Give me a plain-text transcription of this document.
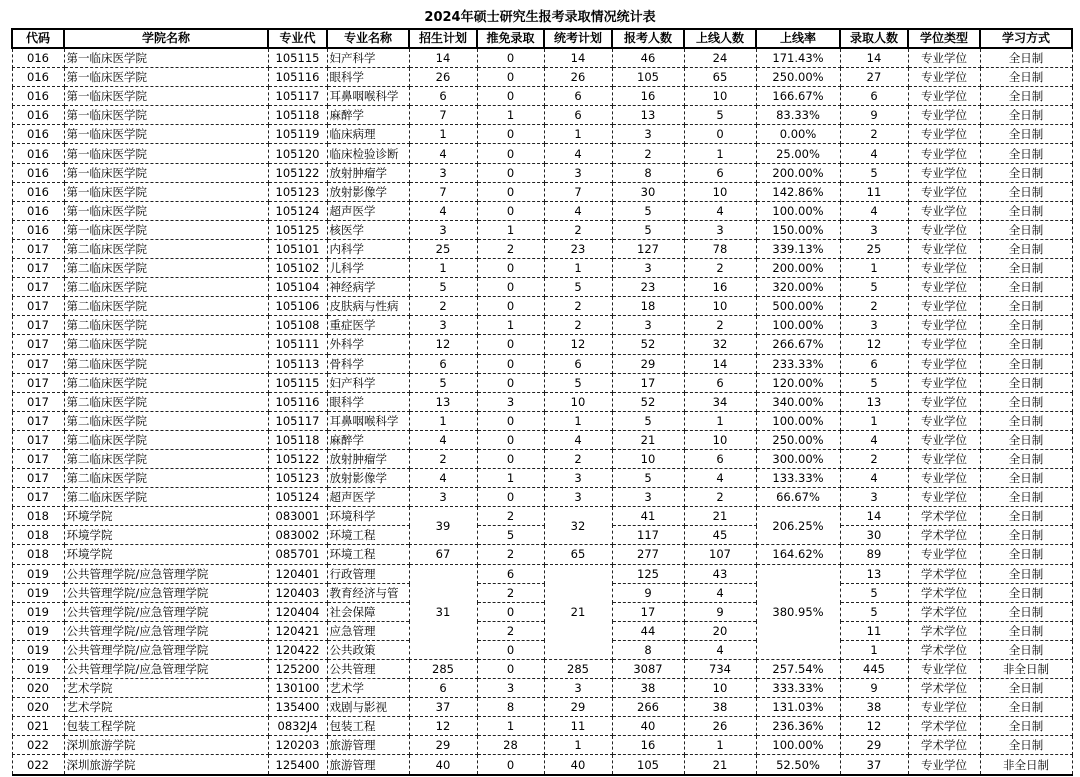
2024年硕士研究生报考录取情况统计表
代码	学院名称	专业代	专业名称	招生计划	推免录取	统考计划	报考人数	上线人数	上线率	录取人数	学位类型	学习方式
016	第一临床医学院	105115	妇产科学	14	0	14	46	24	171.43%	14	专业学位	全日制
016	第一临床医学院	105116	眼科学	26	0	26	105	65	250.00%	27	专业学位	全日制
016	第一临床医学院	105117	耳鼻咽喉科学	6	0	6	16	10	166.67%	6	专业学位	全日制
016	第一临床医学院	105118	麻醉学	7	1	6	13	5	83.33%	9	专业学位	全日制
016	第一临床医学院	105119	临床病理	1	0	1	3	0	0.00%	2	专业学位	全日制
016	第一临床医学院	105120	临床检验诊断	4	0	4	2	1	25.00%	4	专业学位	全日制
016	第一临床医学院	105122	放射肿瘤学	3	0	3	8	6	200.00%	5	专业学位	全日制
016	第一临床医学院	105123	放射影像学	7	0	7	30	10	142.86%	11	专业学位	全日制
016	第一临床医学院	105124	超声医学	4	0	4	5	4	100.00%	4	专业学位	全日制
016	第一临床医学院	105125	核医学	3	1	2	5	3	150.00%	3	专业学位	全日制
017	第二临床医学院	105101	内科学	25	2	23	127	78	339.13%	25	专业学位	全日制
017	第二临床医学院	105102	儿科学	1	0	1	3	2	200.00%	1	专业学位	全日制
017	第二临床医学院	105104	神经病学	5	0	5	23	16	320.00%	5	专业学位	全日制
017	第二临床医学院	105106	皮肤病与性病	2	0	2	18	10	500.00%	2	专业学位	全日制
017	第二临床医学院	105108	重症医学	3	1	2	3	2	100.00%	3	专业学位	全日制
017	第二临床医学院	105111	外科学	12	0	12	52	32	266.67%	12	专业学位	全日制
017	第二临床医学院	105113	骨科学	6	0	6	29	14	233.33%	6	专业学位	全日制
017	第二临床医学院	105115	妇产科学	5	0	5	17	6	120.00%	5	专业学位	全日制
017	第二临床医学院	105116	眼科学	13	3	10	52	34	340.00%	13	专业学位	全日制
017	第二临床医学院	105117	耳鼻咽喉科学	1	0	1	5	1	100.00%	1	专业学位	全日制
017	第二临床医学院	105118	麻醉学	4	0	4	21	10	250.00%	4	专业学位	全日制
017	第二临床医学院	105122	放射肿瘤学	2	0	2	10	6	300.00%	2	专业学位	全日制
017	第二临床医学院	105123	放射影像学	4	1	3	5	4	133.33%	4	专业学位	全日制
017	第二临床医学院	105124	超声医学	3	0	3	3	2	66.67%	3	专业学位	全日制
018	环境学院	083001	环境科学	39	2	32	41	21	206.25%	14	学术学位	全日制
018	环境学院	083002	环境工程		5		117	45		30	学术学位	全日制
018	环境学院	085701	环境工程	67	2	65	277	107	164.62%	89	专业学位	全日制
019	公共管理学院/应急管理学院	120401	行政管理	31	6	21	125	43	380.95%	13	学术学位	全日制
019	公共管理学院/应急管理学院	120403	教育经济与管		2		9	4		5	学术学位	全日制
019	公共管理学院/应急管理学院	120404	社会保障		0		17	9		5	学术学位	全日制
019	公共管理学院/应急管理学院	120421	应急管理		2		44	20		11	学术学位	全日制
019	公共管理学院/应急管理学院	120422	公共政策		0		8	4		1	学术学位	全日制
019	公共管理学院/应急管理学院	125200	公共管理	285	0	285	3087	734	257.54%	445	专业学位	非全日制
020	艺术学院	130100	艺术学	6	3	3	38	10	333.33%	9	学术学位	全日制
020	艺术学院	135400	戏剧与影视	37	8	29	266	38	131.03%	38	专业学位	全日制
021	包装工程学院	0832J4	包装工程	12	1	11	40	26	236.36%	12	学术学位	全日制
022	深圳旅游学院	120203	旅游管理	29	28	1	16	1	100.00%	29	学术学位	全日制
022	深圳旅游学院	125400	旅游管理	40	0	40	105	21	52.50%	37	专业学位	非全日制
